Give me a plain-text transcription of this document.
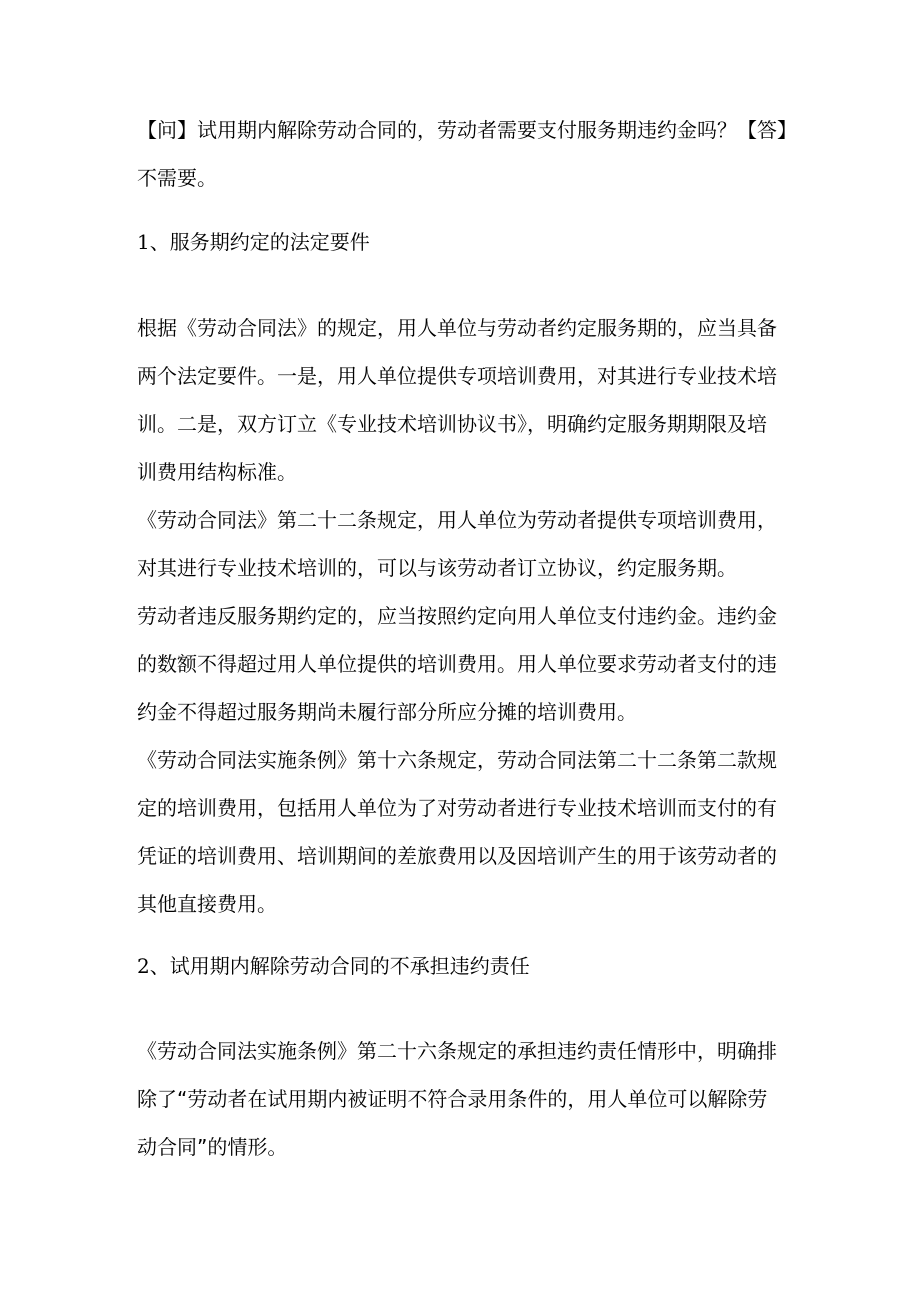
【问】试用期内解除劳动合同的，劳动者需要支付服务期违约金吗？【答】
不需要。
1、服务期约定的法定要件
根据《劳动合同法》的规定，用人单位与劳动者约定服务期的，应当具备
两个法定要件。一是，用人单位提供专项培训费用，对其进行专业技术培
训。二是，双方订立《专业技术培训协议书》，明确约定服务期期限及培
训费用结构标准。
《劳动合同法》第二十二条规定，用人单位为劳动者提供专项培训费用，
对其进行专业技术培训的，可以与该劳动者订立协议，约定服务期。
劳动者违反服务期约定的，应当按照约定向用人单位支付违约金。违约金
的数额不得超过用人单位提供的培训费用。用人单位要求劳动者支付的违
约金不得超过服务期尚未履行部分所应分摊的培训费用。
《劳动合同法实施条例》第十六条规定，劳动合同法第二十二条第二款规
定的培训费用，包括用人单位为了对劳动者进行专业技术培训而支付的有
凭证的培训费用、培训期间的差旅费用以及因培训产生的用于该劳动者的
其他直接费用。
2、试用期内解除劳动合同的不承担违约责任
《劳动合同法实施条例》第二十六条规定的承担违约责任情形中，明确排
除了“劳动者在试用期内被证明不符合录用条件的，用人单位可以解除劳
动合同”的情形。
